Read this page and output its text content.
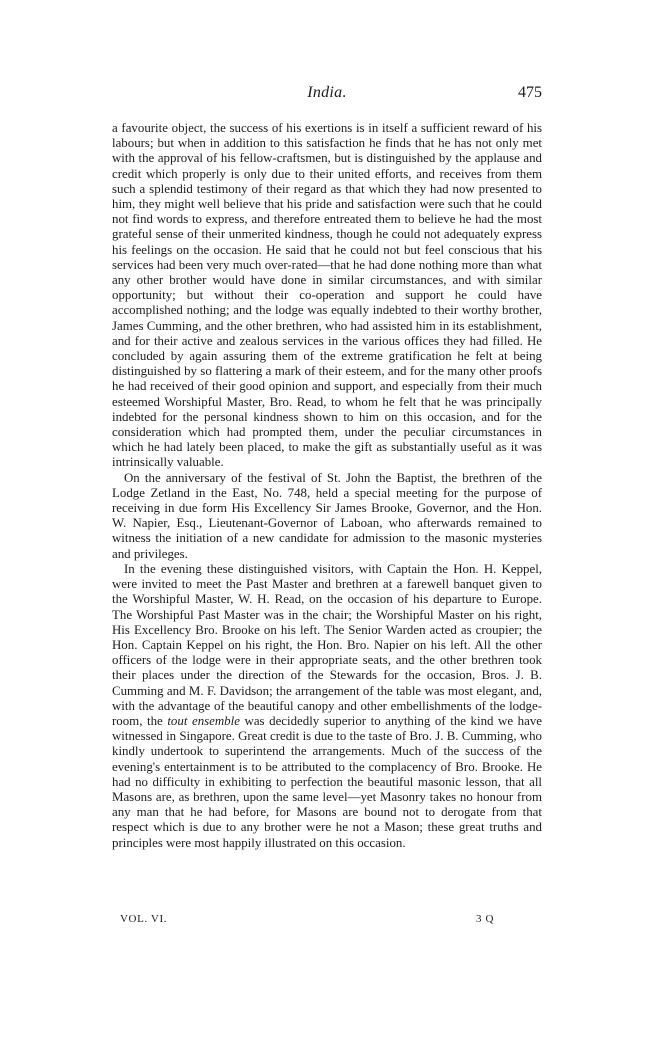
India.	475

a favourite object, the success of his exertions is in itself a sufficient reward of his labours; but when in addition to this satisfaction he finds that he has not only met with the approval of his fellow-craftsmen, but is distinguished by the applause and credit which properly is only due to their united efforts, and receives from them such a splendid testimony of their regard as that which they had now presented to him, they might well believe that his pride and satisfaction were such that he could not find words to express, and therefore entreated them to believe he had the most grateful sense of their unmerited kindness, though he could not adequately express his feelings on the occasion. He said that he could not but feel conscious that his services had been very much over-rated—that he had done nothing more than what any other brother would have done in similar circumstances, and with similar opportunity; but without their co-operation and support he could have accomplished nothing; and the lodge was equally indebted to their worthy brother, James Cumming, and the other brethren, who had assisted him in its establishment, and for their active and zealous services in the various offices they had filled. He concluded by again assuring them of the extreme gratification he felt at being distinguished by so flattering a mark of their esteem, and for the many other proofs he had received of their good opinion and support, and especially from their much esteemed Worshipful Master, Bro. Read, to whom he felt that he was principally indebted for the personal kindness shown to him on this occasion, and for the consideration which had prompted them, under the peculiar circumstances in which he had lately been placed, to make the gift as substantially useful as it was intrinsically valuable.

On the anniversary of the festival of St. John the Baptist, the brethren of the Lodge Zetland in the East, No. 748, held a special meeting for the purpose of receiving in due form His Excellency Sir James Brooke, Governor, and the Hon. W. Napier, Esq., Lieutenant-Governor of Laboan, who afterwards remained to witness the initiation of a new candidate for admission to the masonic mysteries and privileges.

In the evening these distinguished visitors, with Captain the Hon. H. Keppel, were invited to meet the Past Master and brethren at a farewell banquet given to the Worshipful Master, W. H. Read, on the occasion of his departure to Europe. The Worshipful Past Master was in the chair; the Worshipful Master on his right, His Excellency Bro. Brooke on his left. The Senior Warden acted as croupier; the Hon. Captain Keppel on his right, the Hon. Bro. Napier on his left. All the other officers of the lodge were in their appropriate seats, and the other brethren took their places under the direction of the Stewards for the occasion, Bros. J. B. Cumming and M. F. Davidson; the arrangement of the table was most elegant, and, with the advantage of the beautiful canopy and other embellishments of the lodge-room, the tout ensemble was decidedly superior to anything of the kind we have witnessed in Singapore. Great credit is due to the taste of Bro. J. B. Cumming, who kindly undertook to superintend the arrangements. Much of the success of the evening's entertainment is to be attributed to the complacency of Bro. Brooke. He had no difficulty in exhibiting to perfection the beautiful masonic lesson, that all Masons are, as brethren, upon the same level—yet Masonry takes no honour from any man that he had before, for Masons are bound not to derogate from that respect which is due to any brother were he not a Mason; these great truths and principles were most happily illustrated on this occasion.

VOL. VI.	3 Q
